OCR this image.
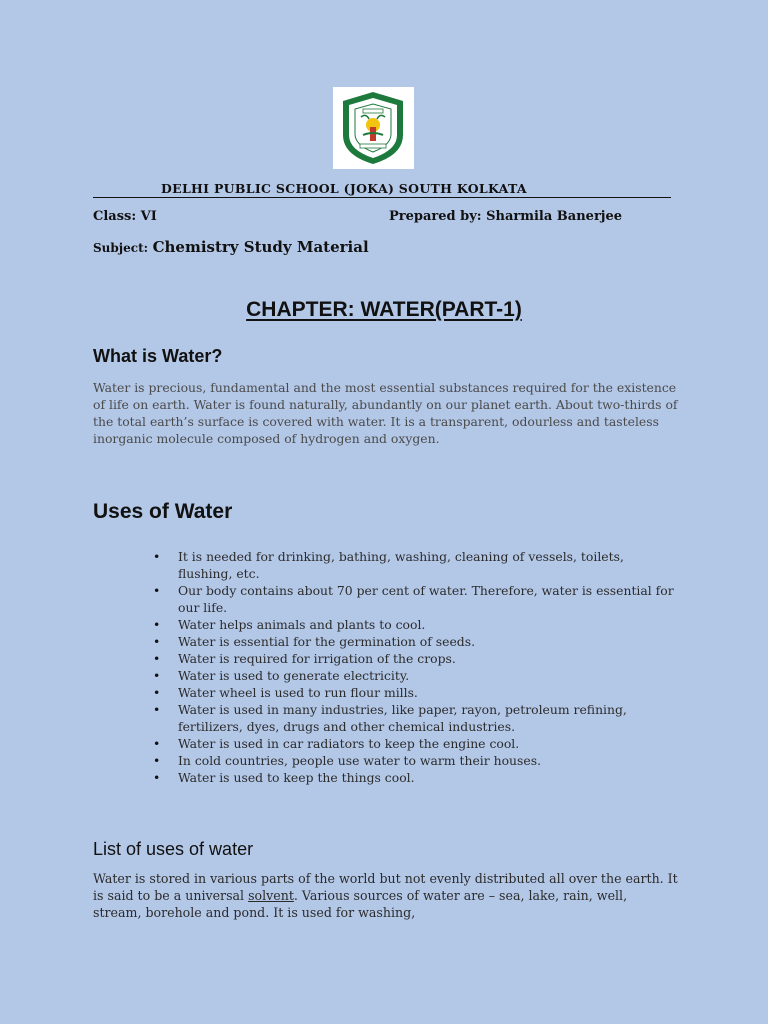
DELHI PUBLIC SCHOOL (JOKA) SOUTH KOLKATA
Class: VI	Prepared by: Sharmila Banerjee
Subject: Chemistry Study Material
CHAPTER: WATER(PART-1)
What is Water?

Water is precious, fundamental and the most essential substances required for the existence of life on earth. Water is found naturally, abundantly on our planet earth. About two-thirds of the total earth’s surface is covered with water. It is a transparent, odourless and tasteless inorganic molecule composed of hydrogen and oxygen.

Uses of Water
• It is needed for drinking, bathing, washing, cleaning of vessels, toilets, flushing, etc.
• Our body contains about 70 per cent of water. Therefore, water is essential for our life.
• Water helps animals and plants to cool.
• Water is essential for the germination of seeds.
• Water is required for irrigation of the crops.
• Water is used to generate electricity.
• Water wheel is used to run flour mills.
• Water is used in many industries, like paper, rayon, petroleum refining, fertilizers, dyes, drugs and other chemical industries.
• Water is used in car radiators to keep the engine cool.
• In cold countries, people use water to warm their houses.
• Water is used to keep the things cool.
List of uses of water

Water is stored in various parts of the world but not evenly distributed all over the earth. It is said to be a universal solvent. Various sources of water are – sea, lake, rain, well, stream, borehole and pond. It is used for washing,
